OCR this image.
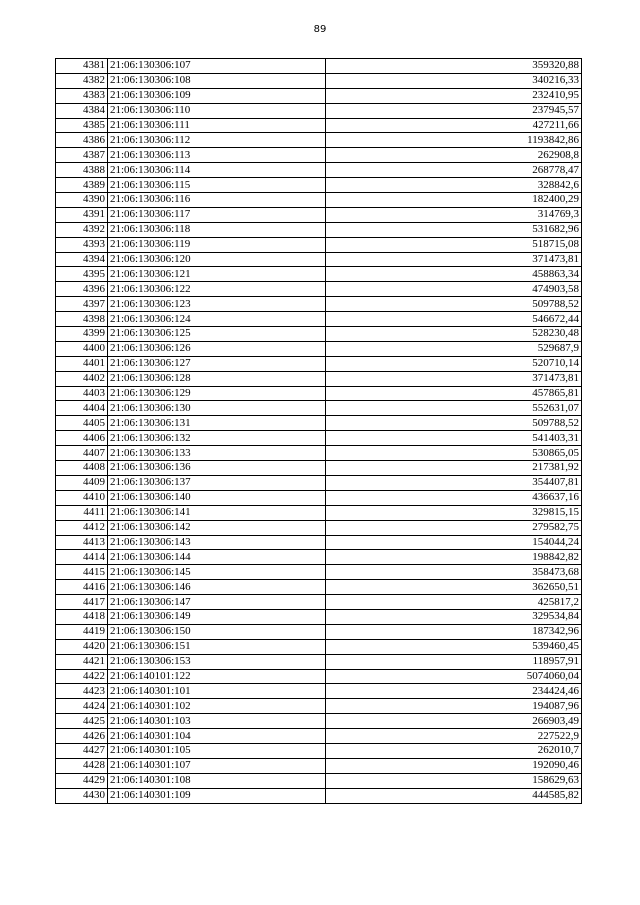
89
4381	21:06:130306:107	359320,88
4382	21:06:130306:108	340216,33
4383	21:06:130306:109	232410,95
4384	21:06:130306:110	237945,57
4385	21:06:130306:111	427211,66
4386	21:06:130306:112	1193842,86
4387	21:06:130306:113	262908,8
4388	21:06:130306:114	268778,47
4389	21:06:130306:115	328842,6
4390	21:06:130306:116	182400,29
4391	21:06:130306:117	314769,3
4392	21:06:130306:118	531682,96
4393	21:06:130306:119	518715,08
4394	21:06:130306:120	371473,81
4395	21:06:130306:121	458863,34
4396	21:06:130306:122	474903,58
4397	21:06:130306:123	509788,52
4398	21:06:130306:124	546672,44
4399	21:06:130306:125	528230,48
4400	21:06:130306:126	529687,9
4401	21:06:130306:127	520710,14
4402	21:06:130306:128	371473,81
4403	21:06:130306:129	457865,81
4404	21:06:130306:130	552631,07
4405	21:06:130306:131	509788,52
4406	21:06:130306:132	541403,31
4407	21:06:130306:133	530865,05
4408	21:06:130306:136	217381,92
4409	21:06:130306:137	354407,81
4410	21:06:130306:140	436637,16
4411	21:06:130306:141	329815,15
4412	21:06:130306:142	279582,75
4413	21:06:130306:143	154044,24
4414	21:06:130306:144	198842,82
4415	21:06:130306:145	358473,68
4416	21:06:130306:146	362650,51
4417	21:06:130306:147	425817,2
4418	21:06:130306:149	329534,84
4419	21:06:130306:150	187342,96
4420	21:06:130306:151	539460,45
4421	21:06:130306:153	118957,91
4422	21:06:140101:122	5074060,04
4423	21:06:140301:101	234424,46
4424	21:06:140301:102	194087,96
4425	21:06:140301:103	266903,49
4426	21:06:140301:104	227522,9
4427	21:06:140301:105	262010,7
4428	21:06:140301:107	192090,46
4429	21:06:140301:108	158629,63
4430	21:06:140301:109	444585,82
